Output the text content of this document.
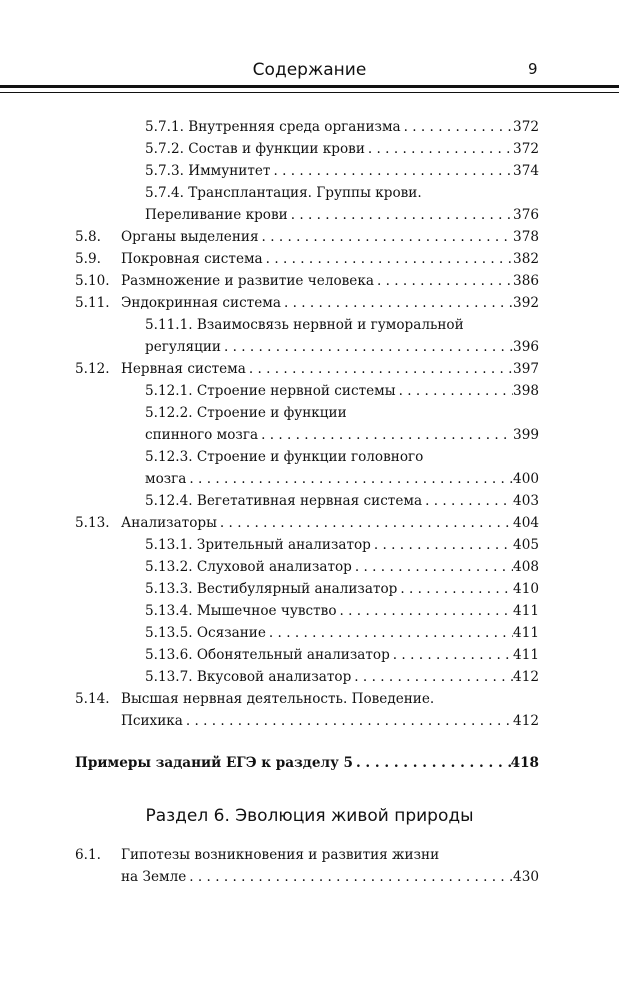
Содержание	9
5.7.1. Внутренняя среда организма . . .	372
5.7.2. Состав и функции крови . . .	372
5.7.3. Иммунитет . . .	374
5.7.4. Трансплантация. Группы крови.
Переливание крови . . .	376
5.8. Органы выделения . . .	378
5.9. Покровная система . . .	382
5.10. Размножение и развитие человека . . .	386
5.11. Эндокринная система . . .	392
5.11.1. Взаимосвязь нервной и гуморальной
регуляции . . .	396
5.12. Нервная система . . .	397
5.12.1. Строение нервной системы . . .	398
5.12.2. Строение и функции
спинного мозга . . .	399
5.12.3. Строение и функции головного
мозга . . .	400
5.12.4. Вегетативная нервная система . . .	403
5.13. Анализаторы . . .	404
5.13.1. Зрительный анализатор . . .	405
5.13.2. Слуховой анализатор . . .	408
5.13.3. Вестибулярный анализатор . . .	410
5.13.4. Мышечное чувство . . .	411
5.13.5. Осязание . . .	411
5.13.6. Обонятельный анализатор . . .	411
5.13.7. Вкусовой анализатор . . .	412
5.14. Высшая нервная деятельность. Поведение.
Психика . . .	412
Примеры заданий ЕГЭ к разделу 5 . . .	418
Раздел 6. Эволюция живой природы
6.1. Гипотезы возникновения и развития жизни
на Земле . . .	430
